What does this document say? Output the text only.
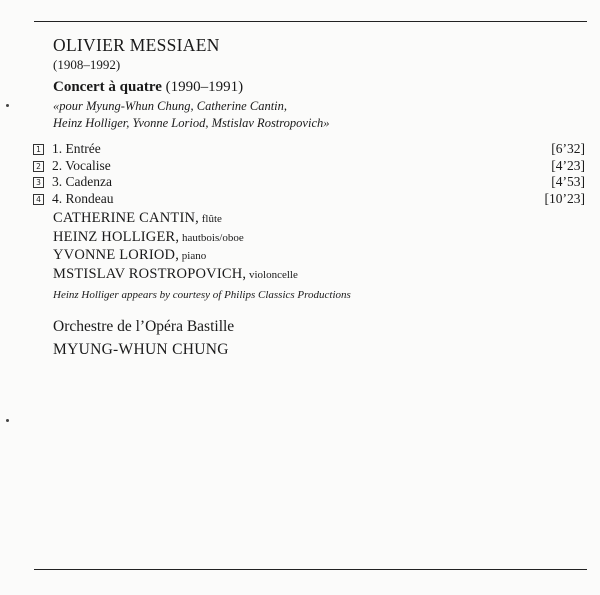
OLIVIER MESSIAEN
(1908–1992)
Concert à quatre (1990–1991)
«pour Myung-Whun Chung, Catherine Cantin,
Heinz Holliger, Yvonne Loriod, Mstislav Rostropovich»
1 1. Entrée	[6’32]
2 2. Vocalise	[4’23]
3 3. Cadenza	[4’53]
4 4. Rondeau	[10’23]
CATHERINE CANTIN, flûte
HEINZ HOLLIGER, hautbois/oboe
YVONNE LORIOD, piano
MSTISLAV ROSTROPOVICH, violoncelle
Heinz Holliger appears by courtesy of Philips Classics Productions
Orchestre de l’Opéra Bastille
MYUNG-WHUN CHUNG
